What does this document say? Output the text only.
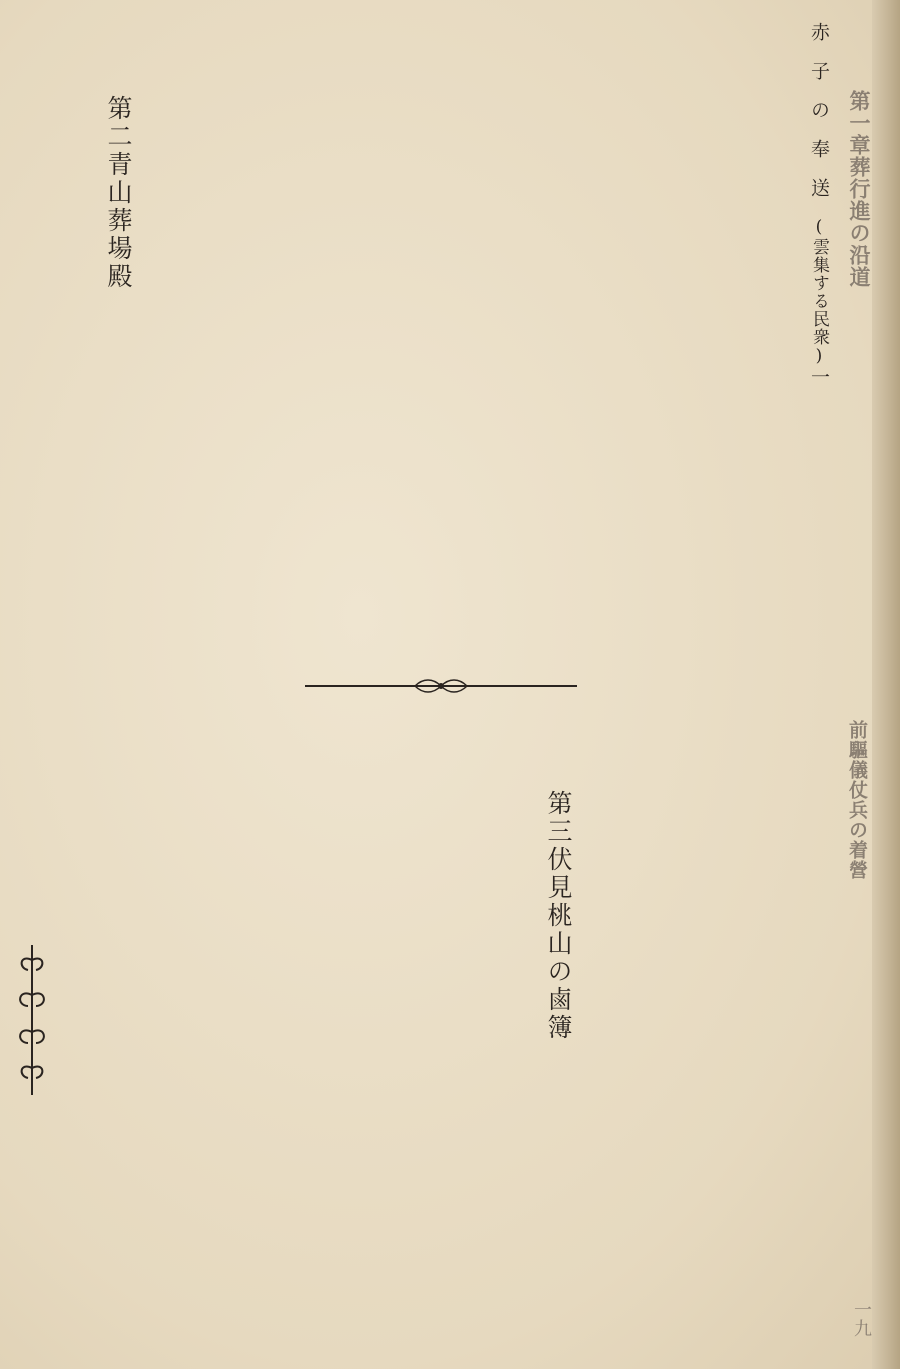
赤子の奉送(雲集する民衆)一
第二青山葬場殿
第三伏見桃山の鹵簿
第一章葬行進の沿道
前驅儀仗兵の着營
一九
